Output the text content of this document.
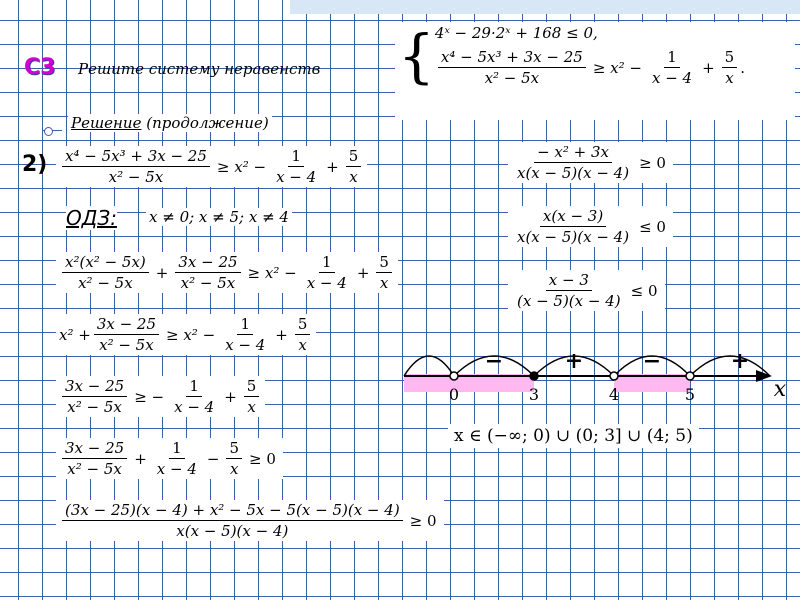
С3 Решите систему неравенств { 4ˣ − 29·2ˣ + 168 ≤ 0,
$\frac{\text{x⁴ − 5x³ + 3x − 25}}{\text{x² − 5x}} \ge x^2 - \frac{1}{x - 4} + \frac{5}{x}$ .
Решение (продолжение)
$2) \frac{\text{x⁴ − 5x³ + 3x − 25}}{\text{x² − 5x}} \ge x^2 - \frac{1}{x - 4} + \frac{5}{x}$
ОДЗ: x ≠ 0; x ≠ 5; x ≠ 4
$\frac{\text{x²(x² − 5x)}}{\text{x² − 5x}} + \frac{3x - 25}{\text{x² − 5x}} \ge x^2 - \frac{1}{x - 4} + \frac{5}{x}$
$x^2 + \frac{3x - 25}{\text{x² − 5x}} \ge x^2 - \frac{1}{x - 4} + \frac{5}{x}$
$\frac{3x - 25}{\text{x² − 5x}}$ ≥ − $\frac{1}{x - 4} + \frac{5}{x}$
$\frac{3x - 25}{\text{x² − 5x}} + \frac{1}{x - 4} - \frac{5}{x} \ge 0$
$\frac{\text{(3x − 25)(x − 4) + x² − 5x − 5(x − 5)(x − 4)}}{x(x - 5)(x - 4)} \ge 0$
$\frac{\text{− x² + 3x}}{x(x - 5)(x - 4)} \ge 0$
$\frac{x(x - 3)}{x(x - 5)(x - 4)} \le 0$
$\frac{x - 3}{(x - 5)(x - 4)} \le 0$
−	+	−	+
0	3	4	5	x
x ∈ (−∞; 0) ∪ (0; 3] ∪ (4; 5)
